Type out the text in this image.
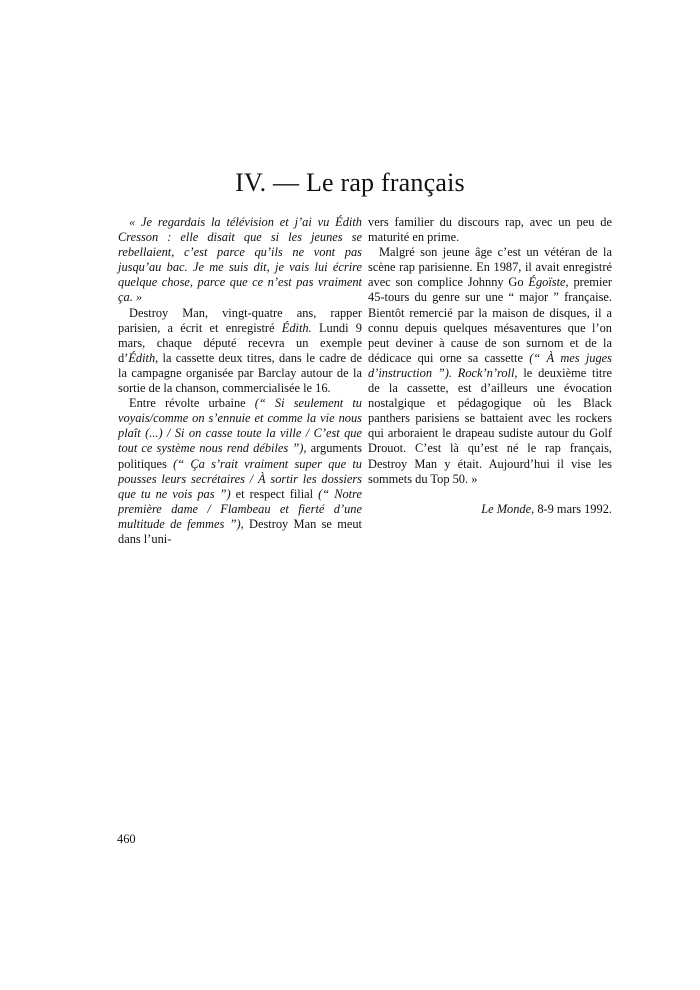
IV. — Le rap français

« Je regardais la télévision et j’ai vu Édith Cresson : elle disait que si les jeunes se rebellaient, c’est parce qu’ils ne vont pas jusqu’au bac. Je me suis dit, je vais lui écrire quelque chose, parce que ce n’est pas vraiment ça. »

Destroy Man, vingt-quatre ans, rapper parisien, a écrit et enregistré Édith. Lundi 9 mars, chaque député recevra un exemple d’Édith, la cassette deux titres, dans le cadre de la campagne organisée par Barclay autour de la sortie de la chanson, commercialisée le 16.

Entre révolte urbaine (“ Si seulement tu voyais/comme on s’ennuie et comme la vie nous plaît (...) / Si on casse toute la ville / C’est que tout ce système nous rend débiles ”), arguments politiques (“ Ça s’rait vraiment super que tu pousses leurs secrétaires / À sortir les dossiers que tu ne vois pas ”) et respect filial (“ Notre première dame / Flambeau et fierté d’une multitude de femmes ”), Destroy Man se meut dans l’uni-

vers familier du discours rap, avec un peu de maturité en prime.

Malgré son jeune âge c’est un vétéran de la scène rap parisienne. En 1987, il avait enregistré avec son complice Johnny Go Égoïste, premier 45-tours du genre sur une “ major ” française. Bientôt remercié par la maison de disques, il a connu depuis quelques mésaventures que l’on peut deviner à cause de son surnom et de la dédicace qui orne sa cassette (“ À mes juges d’instruction ”). Rock’n’roll, le deuxième titre de la cassette, est d’ailleurs une évocation nostalgique et pédagogique où les Black panthers parisiens se battaient avec les rockers qui arboraient le drapeau sudiste autour du Golf Drouot. C’est là qu’est né le rap français, Destroy Man y était. Aujourd’hui il vise les sommets du Top 50. »

Le Monde, 8-9 mars 1992.

460
